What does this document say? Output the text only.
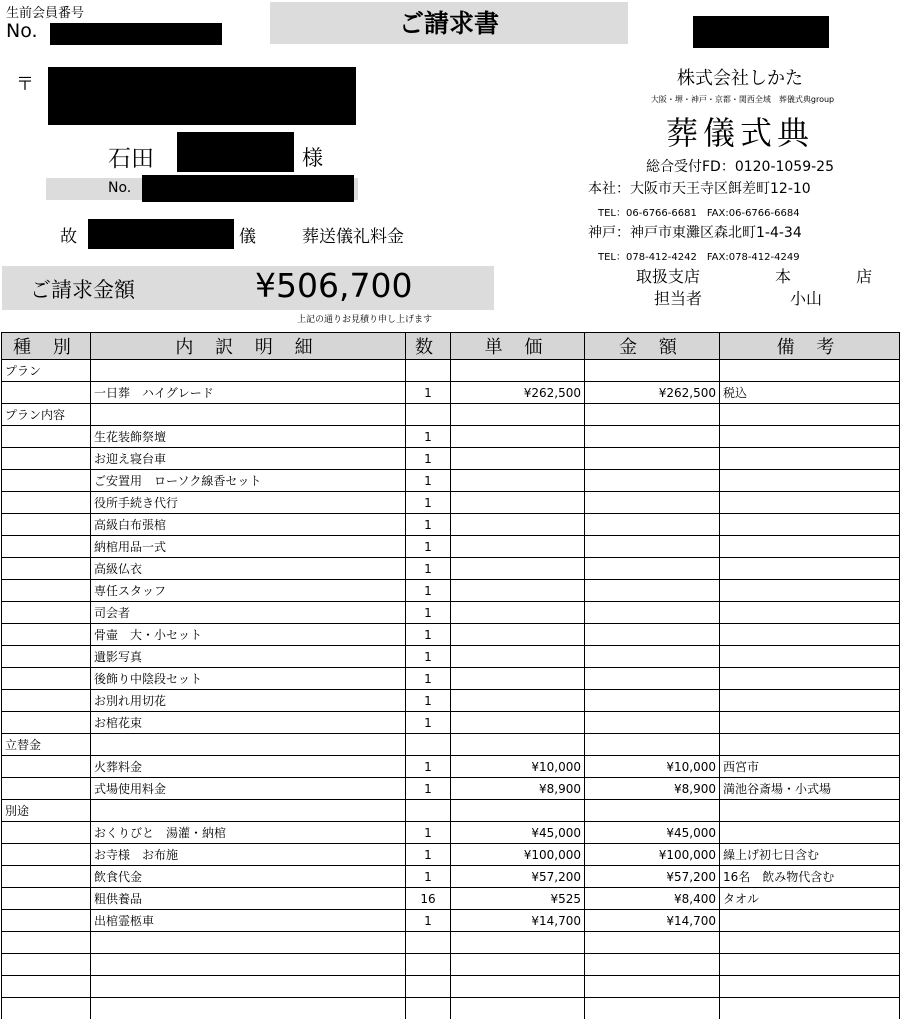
生前会員番号
No.	ご請求書
〒
石田	様
No.
故	儀	葬送儀礼料金
ご請求金額	¥506,700
上記の通りお見積り申し上げます
株式会社しかた
大阪・堺・神戸・京都・関西全域　葬儀式典group
葬儀式典
総合受付FD：0120-1059-25
本社：大阪市天王寺区餌差町12-10
TEL：06-6766-6681　FAX:06-6766-6684
神戸：神戸市東灘区森北町1-4-34
TEL：078-412-4242　FAX:078-412-4249
取扱支店	本 店
担当者	小山
種 別	内 訳 明 細	数	単 価	金 額	備 考
プラン					
	一日葬　ハイグレード	1	¥262,500	¥262,500	税込
プラン内容					
	生花装飾祭壇	1			
	お迎え寝台車	1			
	ご安置用　ローソク線香セット	1			
	役所手続き代行	1			
	高級白布張棺	1			
	納棺用品一式	1			
	高級仏衣	1			
	専任スタッフ	1			
	司会者	1			
	骨壷　大・小セット	1			
	遺影写真	1			
	後飾り中陰段セット	1			
	お別れ用切花	1			
	お棺花束	1			
立替金					
	火葬料金	1	¥10,000	¥10,000	西宮市
	式場使用料金	1	¥8,900	¥8,900	満池谷斎場・小式場
別途					
	おくりびと　湯灌・納棺	1	¥45,000	¥45,000	
	お寺様　お布施	1	¥100,000	¥100,000	繰上げ初七日含む
	飲食代金	1	¥57,200	¥57,200	16名　飲み物代含む
	粗供養品	16	¥525	¥8,400	タオル
	出棺霊柩車	1	¥14,700	¥14,700	
